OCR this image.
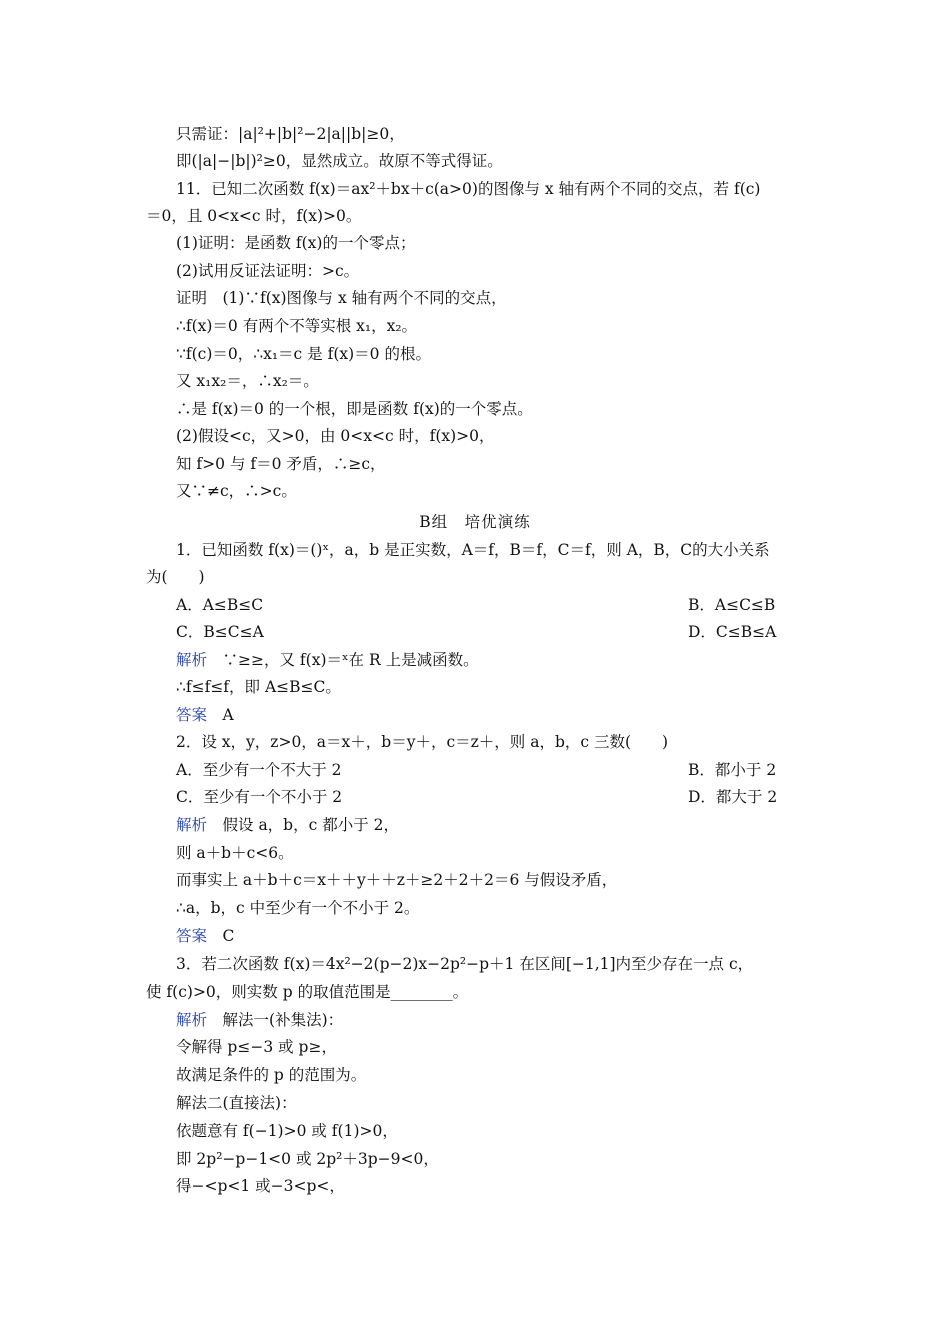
只需证：|a|²+|b|²−2|a||b|≥0，
即(|a|−|b|)²≥0，显然成立。故原不等式得证。
11．已知二次函数 f(x)＝ax²＋bx＋c(a>0)的图像与 x 轴有两个不同的交点，若 f(c)
＝0，且 0<x<c 时，f(x)>0。
(1)证明：是函数 f(x)的一个零点；
(2)试用反证法证明：>c。
证明　(1)∵f(x)图像与 x 轴有两个不同的交点，
∴f(x)＝0 有两个不等实根 x₁，x₂。
∵f(c)＝0，∴x₁＝c 是 f(x)＝0 的根。
又 x₁x₂＝，∴x₂＝。
∴是 f(x)＝0 的一个根，即是函数 f(x)的一个零点。
(2)假设<c，又>0，由 0<x<c 时，f(x)>0，
知 f>0 与 f＝0 矛盾，∴≥c，
又∵≠c，∴>c。
B组　培优演练
1．已知函数 f(x)＝()ˣ，a，b 是正实数，A＝f，B＝f，C＝f，则 A，B，C的大小关系
为(　　)
A．A≤B≤C	B．A≤C≤B
C．B≤C≤A	D．C≤B≤A
解析　∵≥≥，又 f(x)＝ˣ在 R 上是减函数。
∴f≤f≤f，即 A≤B≤C。
答案　A
2．设 x，y，z>0，a＝x＋，b＝y＋，c＝z＋，则 a，b，c 三数(　　)
A．至少有一个不大于 2	B．都小于 2
C．至少有一个不小于 2	D．都大于 2
解析　假设 a，b，c 都小于 2，
则 a＋b＋c<6。
而事实上 a＋b＋c＝x＋＋y＋＋z＋≥2＋2＋2＝6 与假设矛盾，
∴a，b，c 中至少有一个不小于 2。
答案　C
3．若二次函数 f(x)＝4x²−2(p−2)x−2p²−p＋1 在区间[−1,1]内至少存在一点 c，
使 f(c)>0，则实数 p 的取值范围是________。
解析　解法一(补集法)：
令解得 p≤−3 或 p≥，
故满足条件的 p 的范围为。
解法二(直接法)：
依题意有 f(−1)>0 或 f(1)>0，
即 2p²−p−1<0 或 2p²＋3p−9<0，
得−<p<1 或−3<p<，
